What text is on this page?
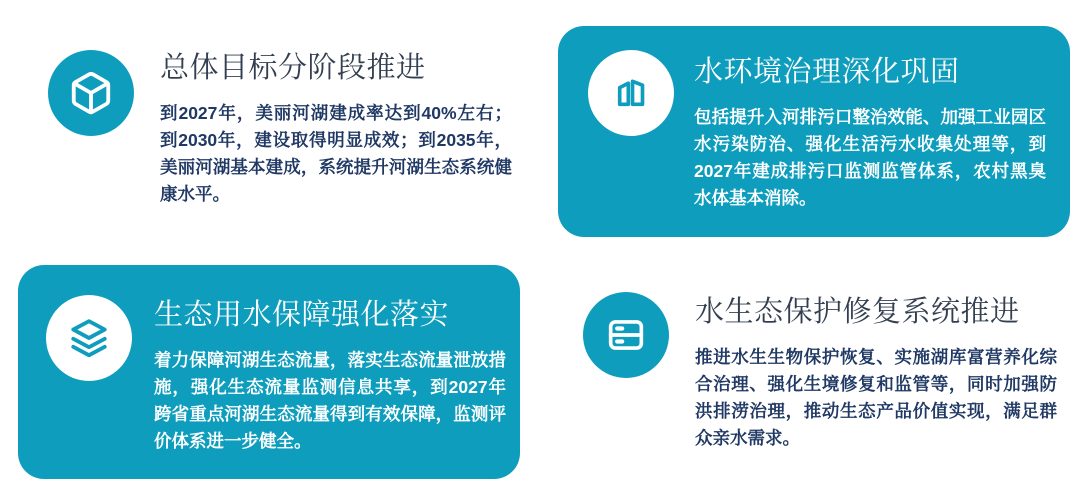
总体目标分阶段推进

到2027年，美丽河湖建成率达到40%左右；到2030年，建设取得明显成效；到2035年，美丽河湖基本建成，系统提升河湖生态系统健康水平。

水环境治理深化巩固

包括提升入河排污口整治效能、加强工业园区水污染防治、强化生活污水收集处理等，到2027年建成排污口监测监管体系，农村黑臭水体基本消除。

生态用水保障强化落实

着力保障河湖生态流量，落实生态流量泄放措施，强化生态流量监测信息共享，到2027年跨省重点河湖生态流量得到有效保障，监测评价体系进一步健全。

水生态保护修复系统推进

推进水生生物保护恢复、实施湖库富营养化综合治理、强化生境修复和监管等，同时加强防洪排涝治理，推动生态产品价值实现，满足群众亲水需求。
